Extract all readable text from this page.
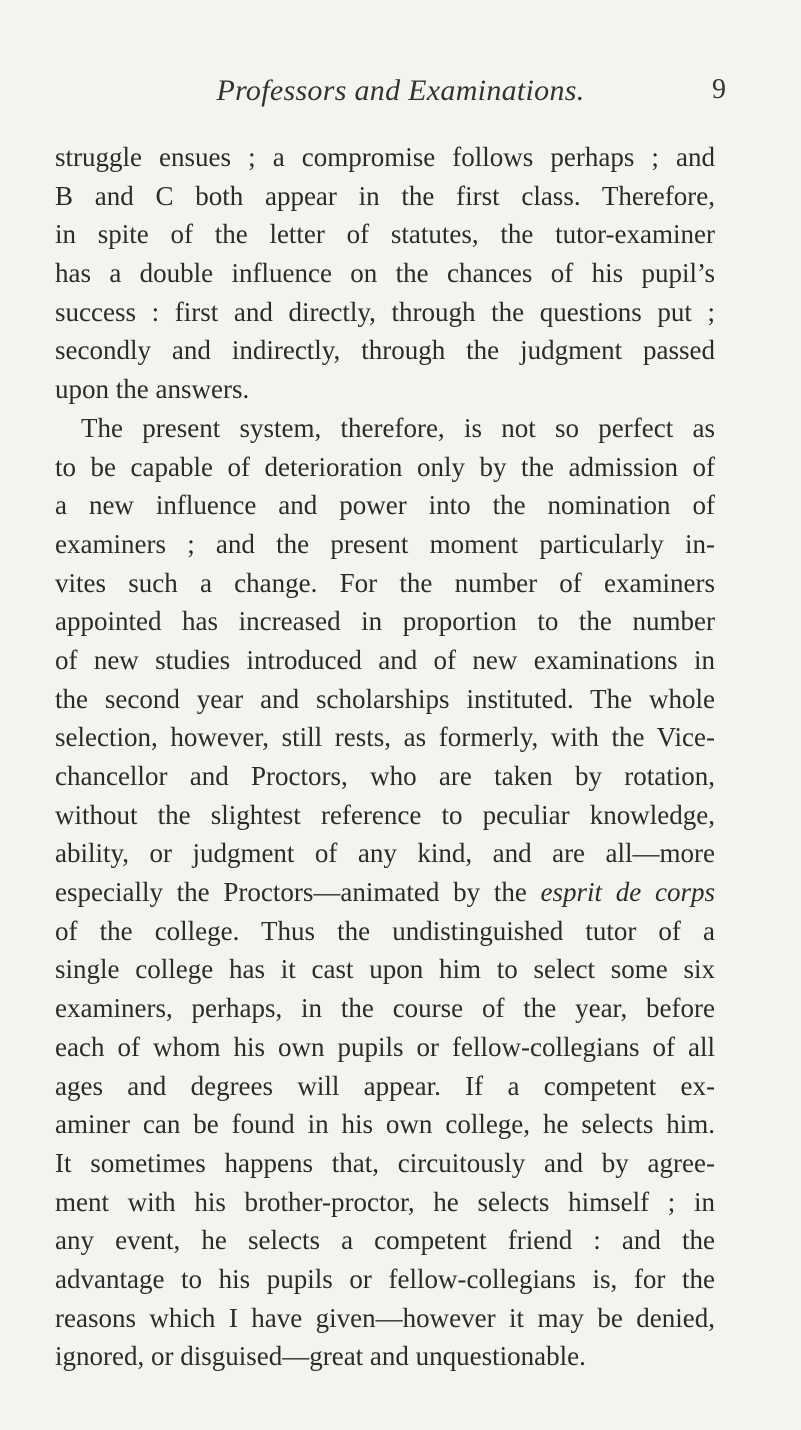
Professors and Examinations.	9
struggle ensues ; a compromise follows perhaps ; and
B and C both appear in the first class. Therefore,
in spite of the letter of statutes, the tutor-examiner
has a double influence on the chances of his pupil’s
success : first and directly, through the questions put ;
secondly and indirectly, through the judgment passed
upon the answers.
The present system, therefore, is not so perfect as
to be capable of deterioration only by the admission of
a new influence and power into the nomination of
examiners ; and the present moment particularly in-
vites such a change. For the number of examiners
appointed has increased in proportion to the number
of new studies introduced and of new examinations in
the second year and scholarships instituted. The whole
selection, however, still rests, as formerly, with the Vice-
chancellor and Proctors, who are taken by rotation,
without the slightest reference to peculiar knowledge,
ability, or judgment of any kind, and are all—more
especially the Proctors—animated by the esprit de corps
of the college. Thus the undistinguished tutor of a
single college has it cast upon him to select some six
examiners, perhaps, in the course of the year, before
each of whom his own pupils or fellow-collegians of all
ages and degrees will appear. If a competent ex-
aminer can be found in his own college, he selects him.
It sometimes happens that, circuitously and by agree-
ment with his brother-proctor, he selects himself ; in
any event, he selects a competent friend : and the
advantage to his pupils or fellow-collegians is, for the
reasons which I have given—however it may be denied,
ignored, or disguised—great and unquestionable.
